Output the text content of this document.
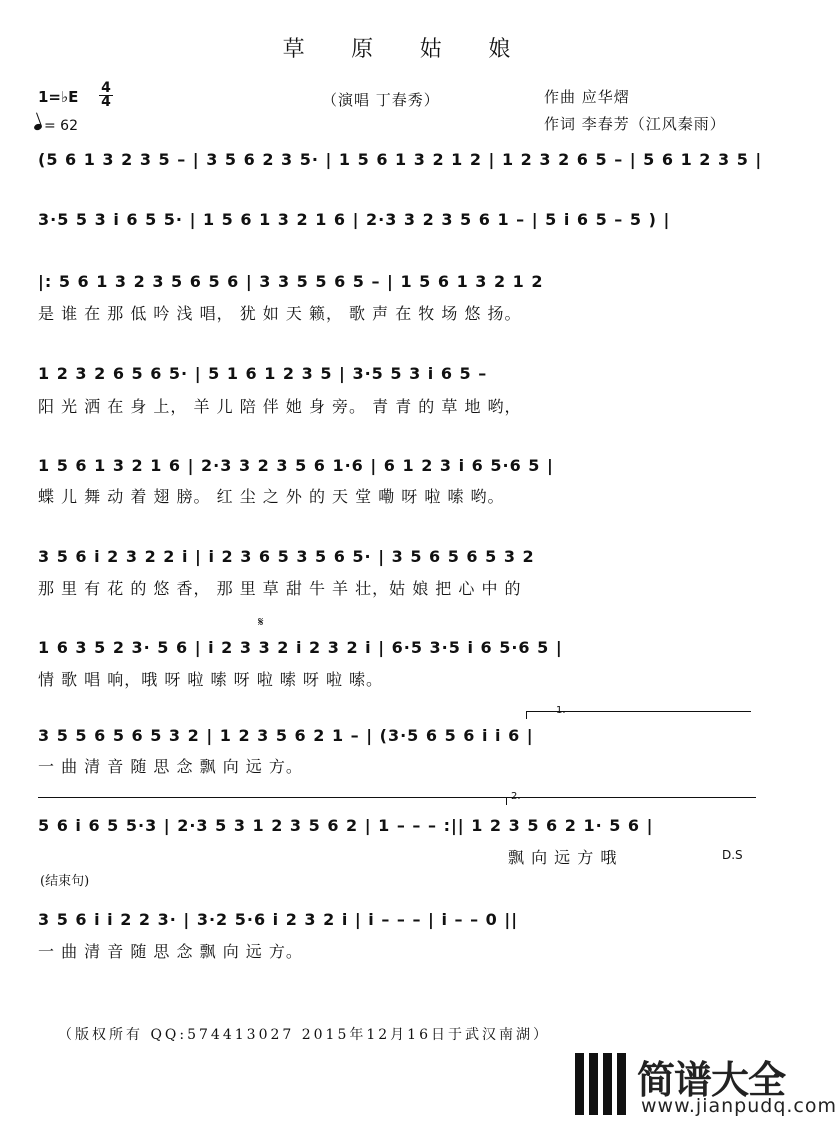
草 原 姑 娘
1=♭E 4
4
= 62
（演唱 丁春秀）	作曲 应华熠
作词 李春芳（江风秦雨）
(5 6 1 3 2 3 5 – | 3 5 6 2 3 5· | 1 5 6 1 3 2 1 2 | 1 2 3 2 6 5 – | 5 6 1 2 3 5 |
3·5 5 3 i 6 5 5· | 1 5 6 1 3 2 1 6 | 2·3 3 2 3 5 6 1 – | 5 i 6 5 – 5 ) |
|: 5 6 1 3 2 3 5 6 5 6 | 3 3 5 5 6 5 – | 1 5 6 1 3 2 1 2
是 谁 在 那 低 吟 浅 唱， 犹 如 天 籁， 歌 声 在 牧 场 悠 扬。
1 2 3 2 6 5 6 5· | 5 1 6 1 2 3 5 | 3·5 5 3 i 6 5 –
阳 光 洒 在 身 上， 羊 儿 陪 伴 她 身 旁。 青 青 的 草 地 哟，
1 5 6 1 3 2 1 6 | 2·3 3 2 3 5 6 1·6 | 6 1 2 3 i 6 5·6 5 |
蝶 儿 舞 动 着 翅 膀。 红 尘 之 外 的 天 堂 嘞 呀 啦 嗦 哟。
3 5 6 i 2 3 2 2 i | i 2 3 6 5 3 5 6 5· | 3 5 6 5 6 5 3 2
那 里 有 花 的 悠 香， 那 里 草 甜 牛 羊 壮，姑 娘 把 心 中 的
𝄋
1 6 3 5 2 3· 5 6 | i 2 3 3 2 i 2 3 2 i | 6·5 3·5 i 6 5·6 5 |
情 歌 唱 响，哦 呀 啦 嗦 呀 啦 嗦 呀 啦 嗦。
1.
3 5 5 6 5 6 5 3 2 | 1 2 3 5 6 2 1 – | (3·5 6 5 6 i i 6 |
一 曲 清 音 随 思 念 飘 向 远 方。
2.
5 6 i 6 5 5·3 | 2·3 5 3 1 2 3 5 6 2 | 1 – – – :|| 1 2 3 5 6 2 1· 5 6 |
飘 向 远 方 哦	D.S
(结束句)
3 5 6 i i 2 2 3· | 3·2 5·6 i 2 3 2 i | i – – – | i – – 0 ||
一 曲 清 音 随 思 念 飘 向 远 方。
（版权所有 QQ:574413027 2015年12月16日于武汉南湖）
简谱大全
www.jianpudq.com
